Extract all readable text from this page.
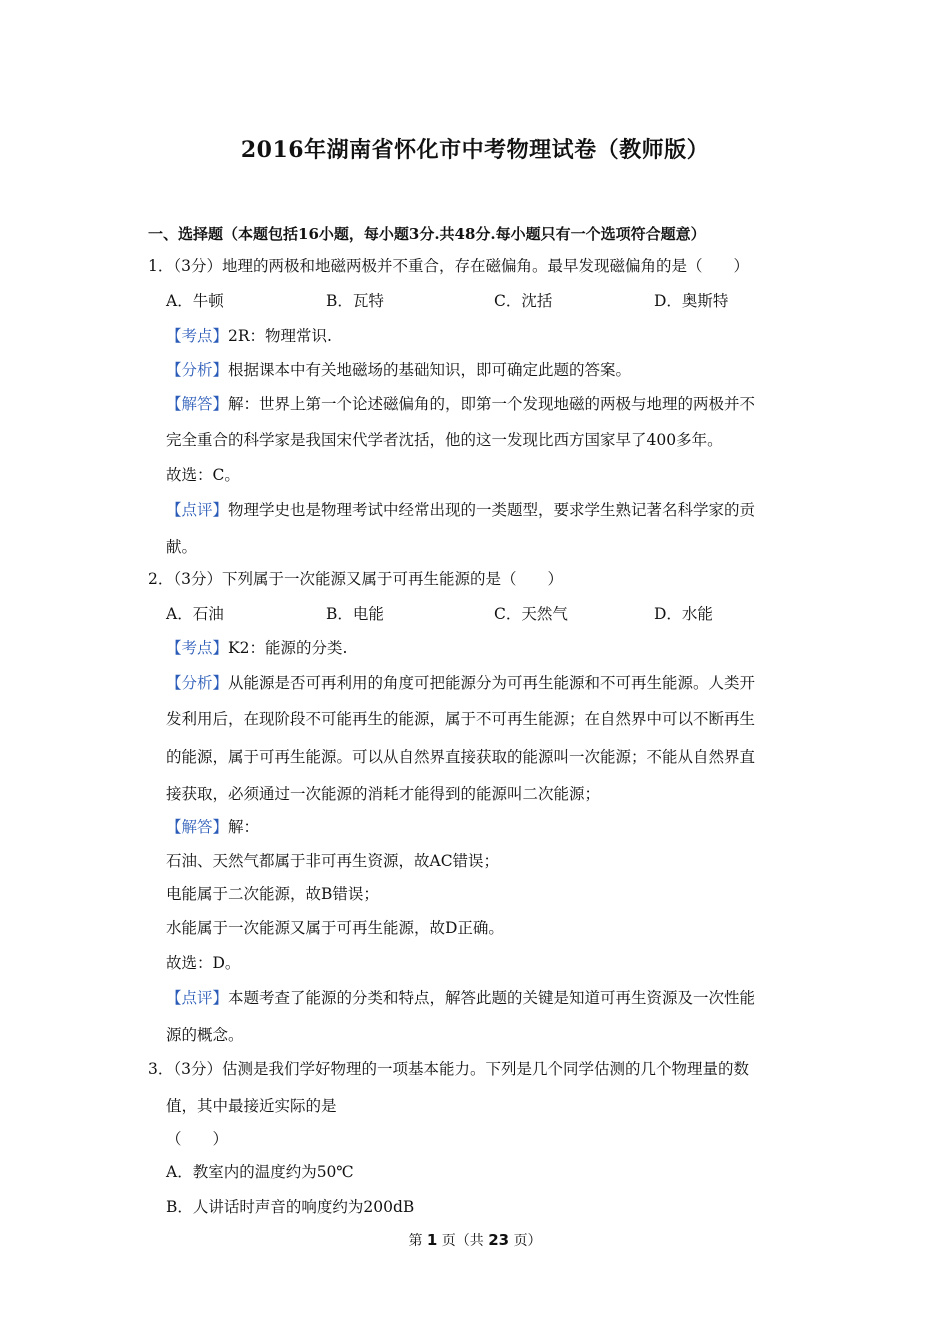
2016年湖南省怀化市中考物理试卷（教师版）
一、选择题（本题包括16小题，每小题3分.共48分.每小题只有一个选项符合题意）
1．（3分）地理的两极和地磁两极并不重合，存在磁偏角。最早发现磁偏角的是（　　）
A．牛顿	B．瓦特	C．沈括	D．奥斯特
【考点】2R：物理常识.
【分析】根据课本中有关地磁场的基础知识，即可确定此题的答案。
【解答】解：世界上第一个论述磁偏角的，即第一个发现地磁的两极与地理的两极并不
完全重合的科学家是我国宋代学者沈括，他的这一发现比西方国家早了400多年。
故选：C。
【点评】物理学史也是物理考试中经常出现的一类题型，要求学生熟记著名科学家的贡
献。
2．（3分）下列属于一次能源又属于可再生能源的是（　　）
A．石油	B．电能	C．天然气	D．水能
【考点】K2：能源的分类.
【分析】从能源是否可再利用的角度可把能源分为可再生能源和不可再生能源。人类开
发利用后，在现阶段不可能再生的能源，属于不可再生能源；在自然界中可以不断再生
的能源，属于可再生能源。可以从自然界直接获取的能源叫一次能源；不能从自然界直
接获取，必须通过一次能源的消耗才能得到的能源叫二次能源；
【解答】解：
石油、天然气都属于非可再生资源，故AC错误；
电能属于二次能源，故B错误；
水能属于一次能源又属于可再生能源，故D正确。
故选：D。
【点评】本题考查了能源的分类和特点，解答此题的关键是知道可再生资源及一次性能
源的概念。
3．（3分）估测是我们学好物理的一项基本能力。下列是几个同学估测的几个物理量的数
值，其中最接近实际的是
（　　）
A．教室内的温度约为50℃
B．人讲话时声音的响度约为200dB
第 1 页（共 23 页）
